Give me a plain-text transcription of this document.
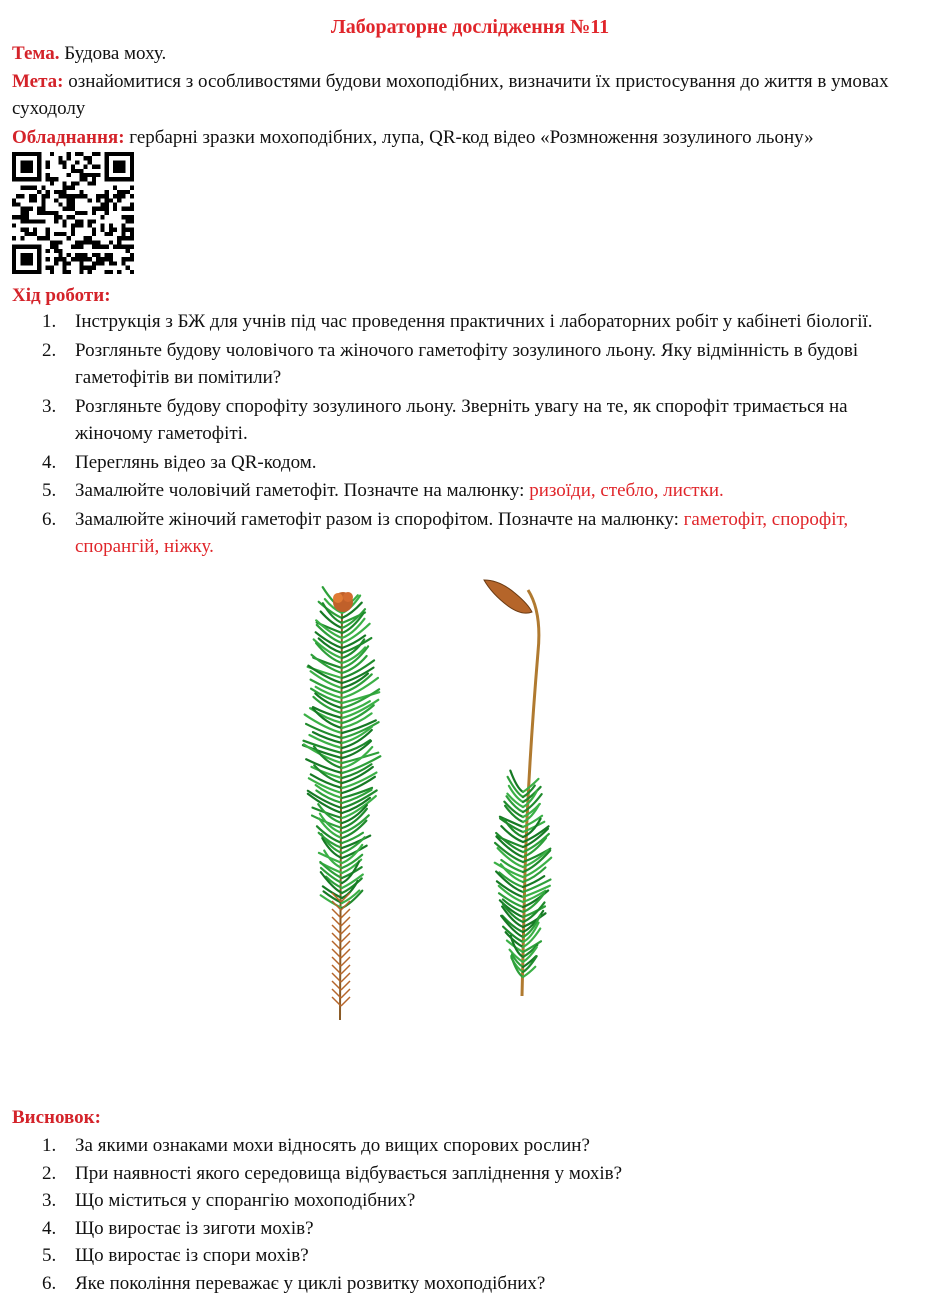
Лабораторне дослідження №11
Тема. Будова моху.
Мета: ознайомитися з особливостями будови мохоподібних, визначити їх пристосування до життя в умовах суходолу
Обладнання: гербарні зразки мохоподібних, лупа, QR-код відео «Розмноження зозулиного льону»
Хід роботи:
1. Інструкція з БЖ для учнів під час проведення практичних і лабораторних робіт у кабінеті біології.
2. Розгляньте будову чоловічого та жіночого гаметофіту зозулиного льону. Яку відмінність в будові гаметофітів ви помітили?
3. Розгляньте будову спорофіту зозулиного льону. Зверніть увагу на те, як спорофіт тримається на жіночому гаметофіті.
4. Переглянь відео за QR-кодом.
5. Замалюйте чоловічий гаметофіт. Позначте на малюнку: ризоїди, стебло, листки.
6. Замалюйте жіночий гаметофіт разом із спорофітом. Позначте на малюнку: гаметофіт, спорофіт, спорангій, ніжку.
Висновок:
1. За якими ознаками мохи відносять до вищих спорових рослин?
2. При наявності якого середовища відбувається запліднення у мохів?
3. Що міститься у спорангію мохоподібних?
4. Що виростає із зиготи мохів?
5. Що виростає із спори мохів?
6. Яке покоління переважає у циклі розвитку мохоподібних?
